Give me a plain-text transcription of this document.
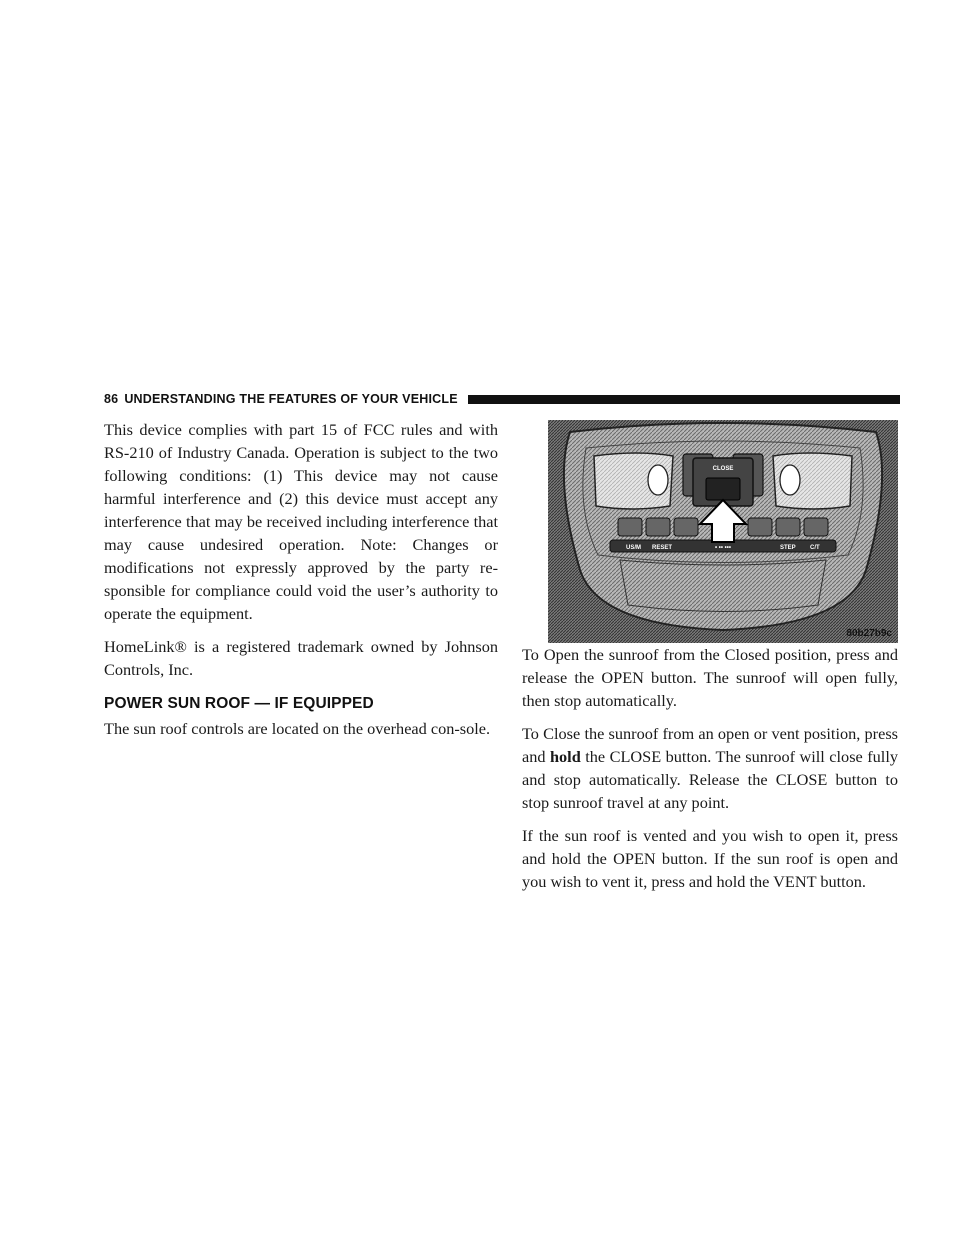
86 UNDERSTANDING THE FEATURES OF YOUR VEHICLE

This device complies with part 15 of FCC rules and with RS-210 of Industry Canada. Operation is subject to the two following conditions: (1) This device may not cause harmful interference and (2) this device must accept any interference that may be received including interference that may cause undesired operation. Note: Changes or modifications not expressly approved by the party re-sponsible for compliance could void the user’s authority to operate the equipment.

HomeLink® is a registered trademark owned by Johnson Controls, Inc.

POWER SUN ROOF — IF EQUIPPED

The sun roof controls are located on the overhead con-sole.

CLOSE
US/M RESET	• •• •••	STEP C/T
80b27b9c

To Open the sunroof from the Closed position, press and release the OPEN button. The sunroof will open fully, then stop automatically.

To Close the sunroof from an open or vent position, press and hold the CLOSE button. The sunroof will close fully and stop automatically. Release the CLOSE button to stop sunroof travel at any point.

If the sun roof is vented and you wish to open it, press and hold the OPEN button. If the sun roof is open and you wish to vent it, press and hold the VENT button.
